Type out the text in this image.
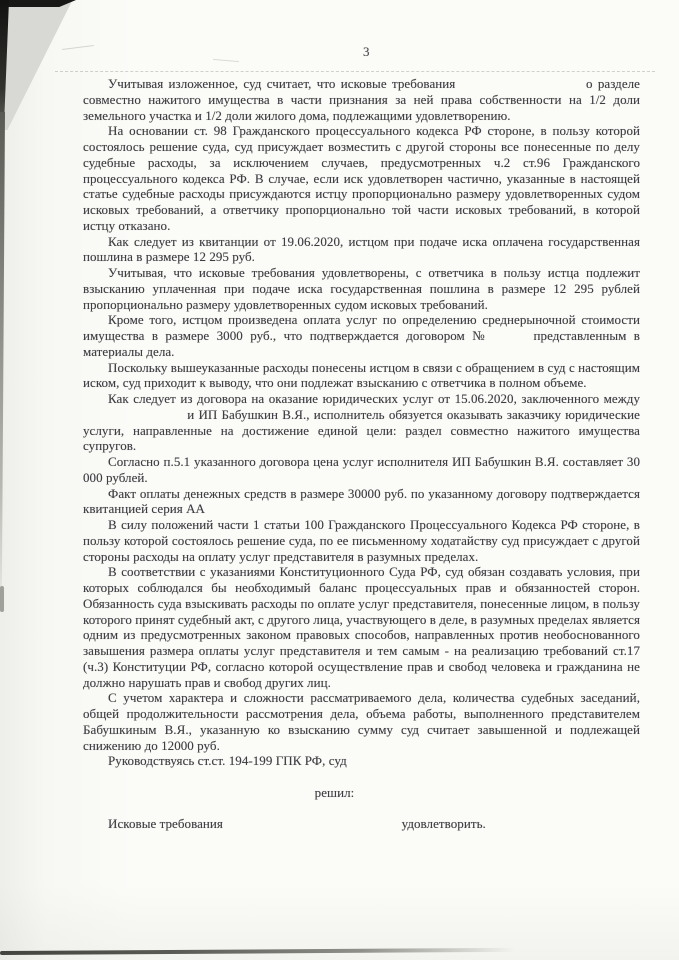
3

Учитывая изложенное, суд считает, что исковые требования	о разделе совместно нажитого имущества в части признания за ней права собственности на 1/2 доли земельного участка и 1/2 доли жилого дома, подлежащими удовлетворению.

На основании ст. 98 Гражданского процессуального кодекса РФ стороне, в пользу которой состоялось решение суда, суд присуждает возместить с другой стороны все понесенные по делу судебные расходы, за исключением случаев, предусмотренных ч.2 ст.96 Гражданского процессуального кодекса РФ. В случае, если иск удовлетворен частично, указанные в настоящей статье судебные расходы присуждаются истцу пропорционально размеру удовлетворенных судом исковых требований, а ответчику пропорционально той части исковых требований, в которой истцу отказано.

Как следует из квитанции от 19.06.2020, истцом при подаче иска оплачена государственная пошлина в размере 12 295 руб.

Учитывая, что исковые требования удовлетворены, с ответчика в пользу истца подлежит взысканию уплаченная при подаче иска государственная пошлина в размере 12 295 рублей пропорционально размеру удовлетворенных судом исковых требований.

Кроме того, истцом произведена оплата услуг по определению среднерыночной стоимости имущества в размере 3000 руб., что подтверждается договором №	представленным в материалы дела.

Поскольку вышеуказанные расходы понесены истцом в связи с обращением в суд с настоящим иском, суд приходит к выводу, что они подлежат взысканию с ответчика в полном объеме.

Как следует из договора на оказание юридических услуг от 15.06.2020, заключенного между  и ИП Бабушкин В.Я., исполнитель обязуется оказывать заказчику юридические услуги, направленные на достижение единой цели: раздел совместно нажитого имущества супругов.

Согласно п.5.1 указанного договора цена услуг исполнителя ИП Бабушкин В.Я. составляет 30 000 рублей.

Факт оплаты денежных средств в размере 30000 руб. по указанному договору подтверждается квитанцией серия АА

В силу положений части 1 статьи 100 Гражданского Процессуального Кодекса РФ стороне, в пользу которой состоялось решение суда, по ее письменному ходатайству суд присуждает с другой стороны расходы на оплату услуг представителя в разумных пределах.

В соответствии с указаниями Конституционного Суда РФ, суд обязан создавать условия, при которых соблюдался бы необходимый баланс процессуальных прав и обязанностей сторон. Обязанность суда взыскивать расходы по оплате услуг представителя, понесенные лицом, в пользу которого принят судебный акт, с другого лица, участвующего в деле, в разумных пределах является одним из предусмотренных законом правовых способов, направленных против необоснованного завышения размера оплаты услуг представителя и тем самым - на реализацию требований ст.17 (ч.3) Конституции РФ, согласно которой осуществление прав и свобод человека и гражданина не должно нарушать прав и свобод других лиц.

С учетом характера и сложности рассматриваемого дела, количества судебных заседаний, общей продолжительности рассмотрения дела, объема работы, выполненного представителем Бабушкиным В.Я., указанную ко взысканию сумму суд считает завышенной и подлежащей снижению до 12000 руб.

Руководствуясь ст.ст. 194-199 ГПК РФ, суд

решил:

Исковые требования	удовлетворить.
